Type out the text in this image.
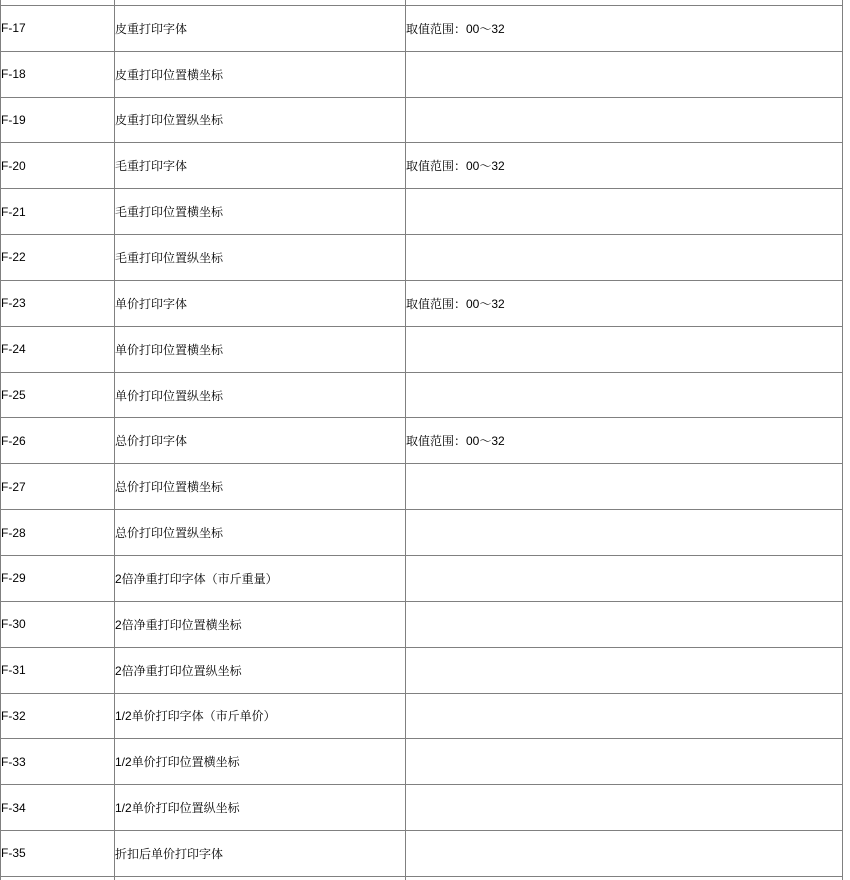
F-17	皮重打印字体	取值范围：00～32
F-18	皮重打印位置横坐标	
F-19	皮重打印位置纵坐标	
F-20	毛重打印字体	取值范围：00～32
F-21	毛重打印位置横坐标	
F-22	毛重打印位置纵坐标	
F-23	单价打印字体	取值范围：00～32
F-24	单价打印位置横坐标	
F-25	单价打印位置纵坐标	
F-26	总价打印字体	取值范围：00～32
F-27	总价打印位置横坐标	
F-28	总价打印位置纵坐标	
F-29	2倍净重打印字体（市斤重量）	
F-30	2倍净重打印位置横坐标	
F-31	2倍净重打印位置纵坐标	
F-32	1/2单价打印字体（市斤单价）	
F-33	1/2单价打印位置横坐标	
F-34	1/2单价打印位置纵坐标	
F-35	折扣后单价打印字体	
